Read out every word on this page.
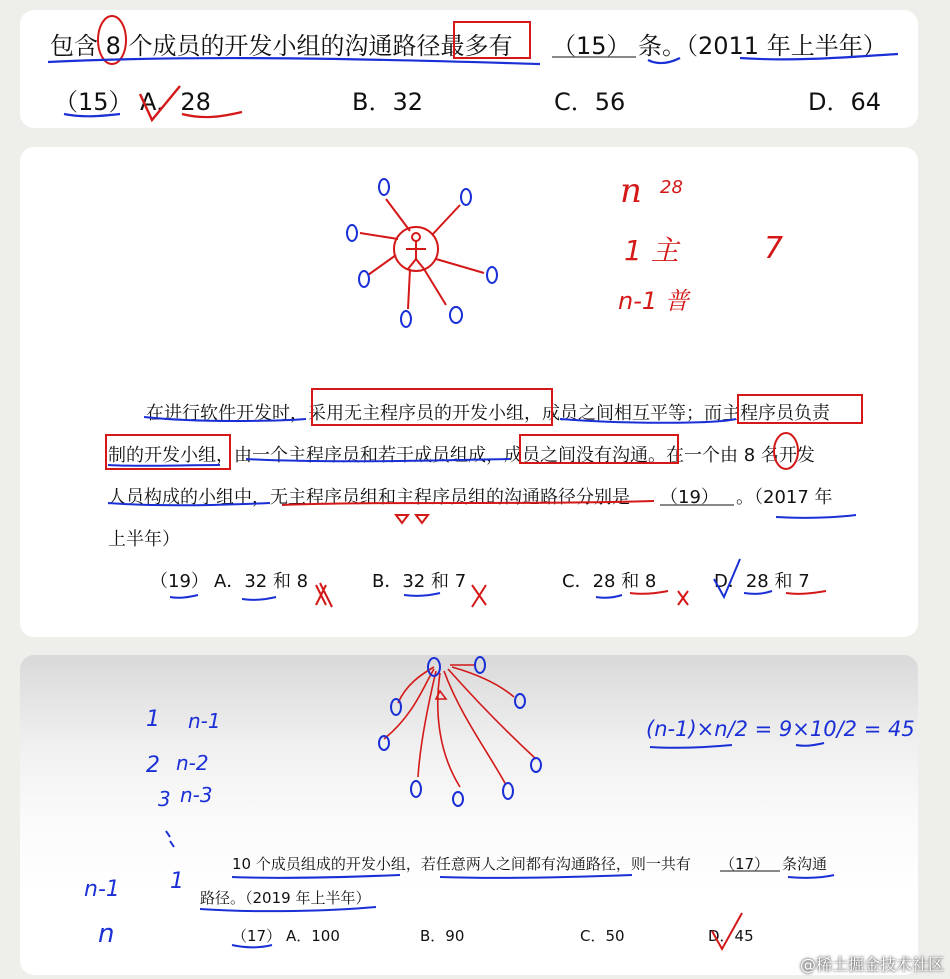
包含 8 个成员的开发小组的沟通路径最多有 （15） 条。（2011 年上半年）
（15） A．28	B．32	C．56	D．64
n 28
1 主	7
n-1 普
在进行软件开发时，采用无主程序员的开发小组，成员之间相互平等；而主程序员负责
制的开发小组，由一个主程序员和若干成员组成，成员之间没有沟通。在一个由 8 名开发
人员构成的小组中，无主程序员组和主程序员组的沟通路径分别是 （19） 。（2017 年
上半年）
（19） A．32 和 8	B．32 和 7	C．28 和 8	D．28 和 7
1 n-1
2 n-2
3 n-3
n-1 1
n
(n-1)×n/2 = 9×10/2 = 45
10 个成员组成的开发小组，若任意两人之间都有沟通路径，则一共有 （17） 条沟通
路径。（2019 年上半年）
（17） A．100	B．90	C．50	D．45
@稀土掘金技术社区
